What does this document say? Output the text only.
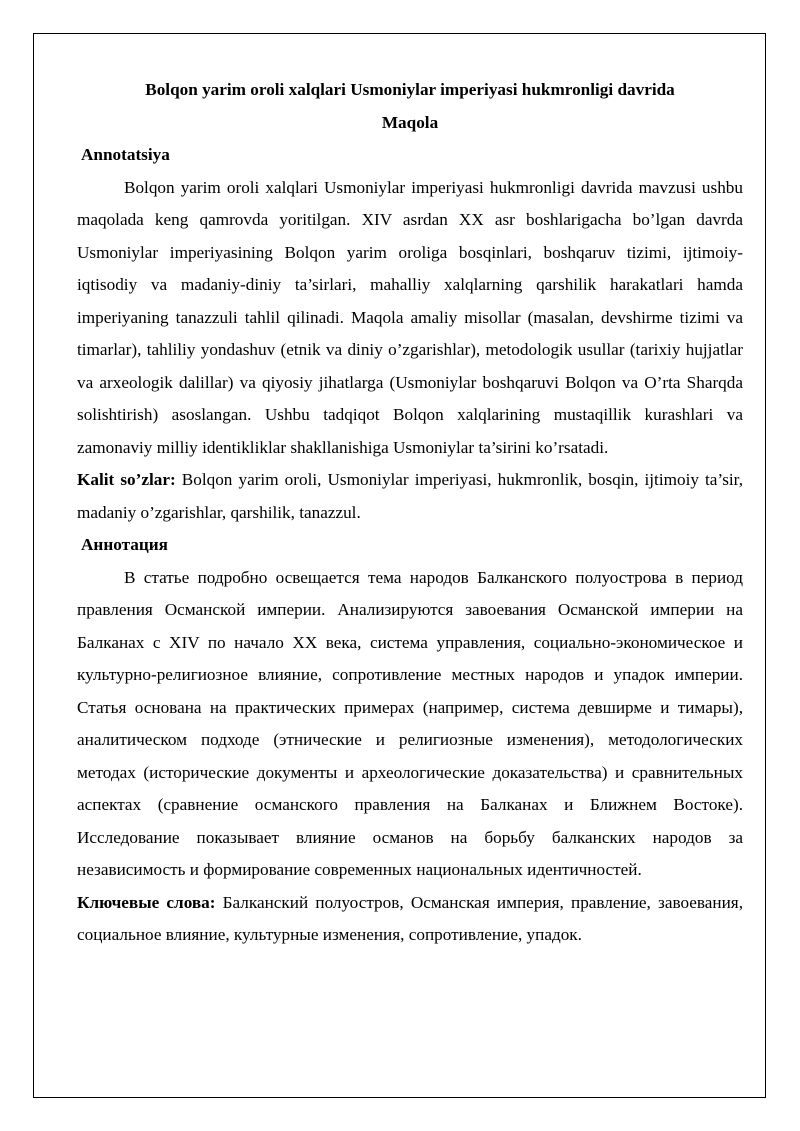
Bolqon yarim oroli xalqlari Usmoniylar imperiyasi hukmronligi davrida

Maqola

Annotatsiya

Bolqon yarim oroli xalqlari Usmoniylar imperiyasi hukmronligi davrida mavzusi ushbu maqolada keng qamrovda yoritilgan. XIV asrdan XX asr boshlarigacha bo’lgan davrda Usmoniylar imperiyasining Bolqon yarim oroliga bosqinlari, boshqaruv tizimi, ijtimoiy-iqtisodiy va madaniy-diniy ta’sirlari, mahalliy xalqlarning qarshilik harakatlari hamda imperiyaning tanazzuli tahlil qilinadi. Maqola amaliy misollar (masalan, devshirme tizimi va timarlar), tahliliy yondashuv (etnik va diniy o’zgarishlar), metodologik usullar (tarixiy hujjatlar va arxeologik dalillar) va qiyosiy jihatlarga (Usmoniylar boshqaruvi Bolqon va O’rta Sharqda solishtirish) asoslangan. Ushbu tadqiqot Bolqon xalqlarining mustaqillik kurashlari va zamonaviy milliy identikliklar shakllanishiga Usmoniylar ta’sirini ko’rsatadi.

Kalit so’zlar: Bolqon yarim oroli, Usmoniylar imperiyasi, hukmronlik, bosqin, ijtimoiy ta’sir, madaniy o’zgarishlar, qarshilik, tanazzul.

Аннотация

В статье подробно освещается тема народов Балканского полуострова в период правления Османской империи. Анализируются завоевания Османской империи на Балканах с XIV по начало XX века, система управления, социально-экономическое и культурно-религиозное влияние, сопротивление местных народов и упадок империи. Статья основана на практических примерах (например, система девширме и тимары), аналитическом подходе (этнические и религиозные изменения), методологических методах (исторические документы и археологические доказательства) и сравнительных аспектах (сравнение османского правления на Балканах и Ближнем Востоке). Исследование показывает влияние османов на борьбу балканских народов за независимость и формирование современных национальных идентичностей.

Ключевые слова: Балканский полуостров, Османская империя, правление, завоевания, социальное влияние, культурные изменения, сопротивление, упадок.
